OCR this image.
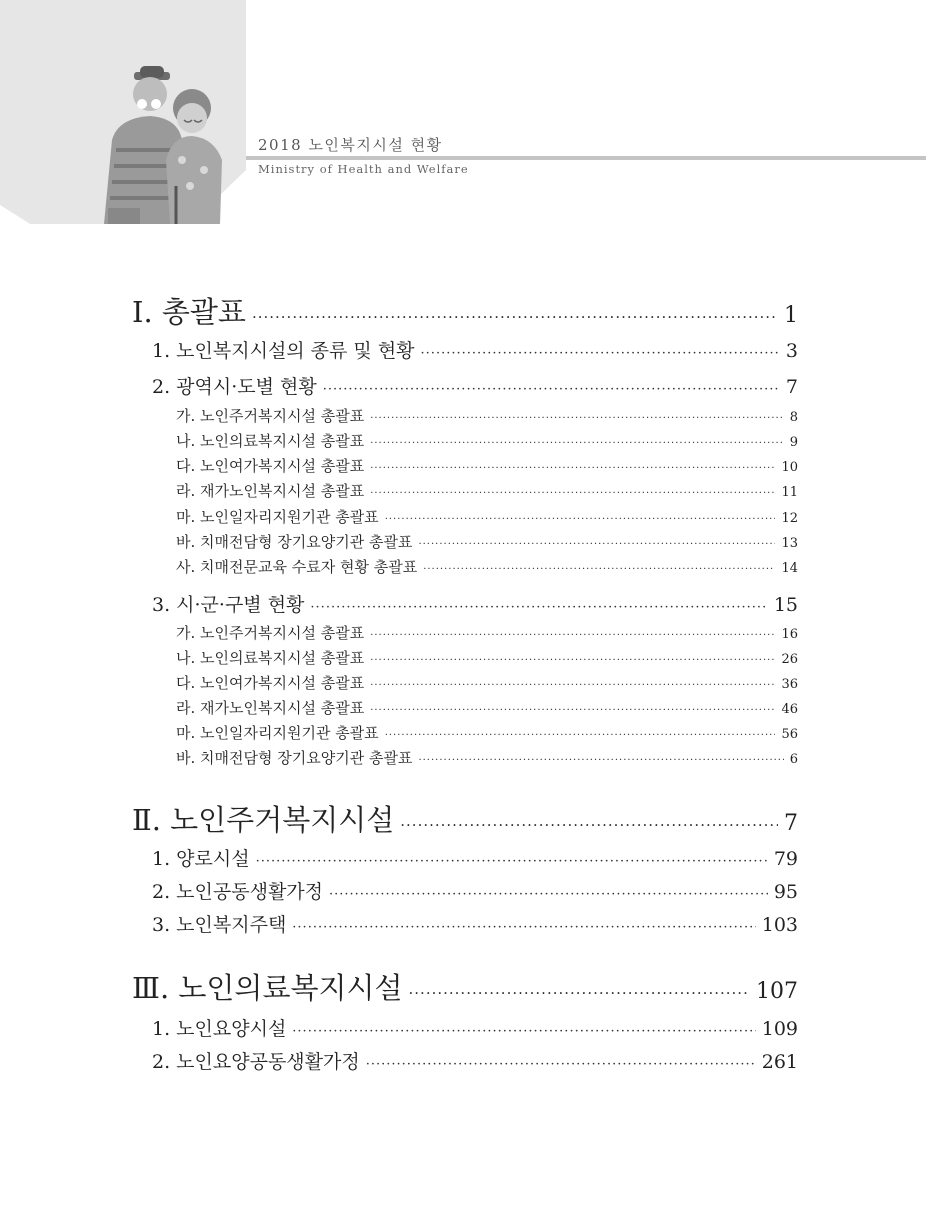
2018 노인복지시설 현황
Ministry of Health and Welfare
Ⅰ. 총괄표 ·····	1
1. 노인복지시설의 종류 및 현황 ·····	3
2. 광역시·도별 현황 ·····	7
가. 노인주거복지시설 총괄표 ·····	8
나. 노인의료복지시설 총괄표 ·····	9
다. 노인여가복지시설 총괄표 ·····	10
라. 재가노인복지시설 총괄표 ·····	11
마. 노인일자리지원기관 총괄표 ·····	12
바. 치매전담형 장기요양기관 총괄표 ·····	13
사. 치매전문교육 수료자 현황 총괄표 ·····	14
3. 시·군·구별 현황 ·····	15
가. 노인주거복지시설 총괄표 ·····	16
나. 노인의료복지시설 총괄표 ·····	26
다. 노인여가복지시설 총괄표 ·····	36
라. 재가노인복지시설 총괄표 ·····	46
마. 노인일자리지원기관 총괄표 ·····	56
바. 치매전담형 장기요양기관 총괄표 ·····	6
Ⅱ. 노인주거복지시설 ·····	7
1. 양로시설 ·····	79
2. 노인공동생활가정 ·····	95
3. 노인복지주택 ·····	103
Ⅲ. 노인의료복지시설 ·····	107
1. 노인요양시설 ·····	109
2. 노인요양공동생활가정 ·····	261
